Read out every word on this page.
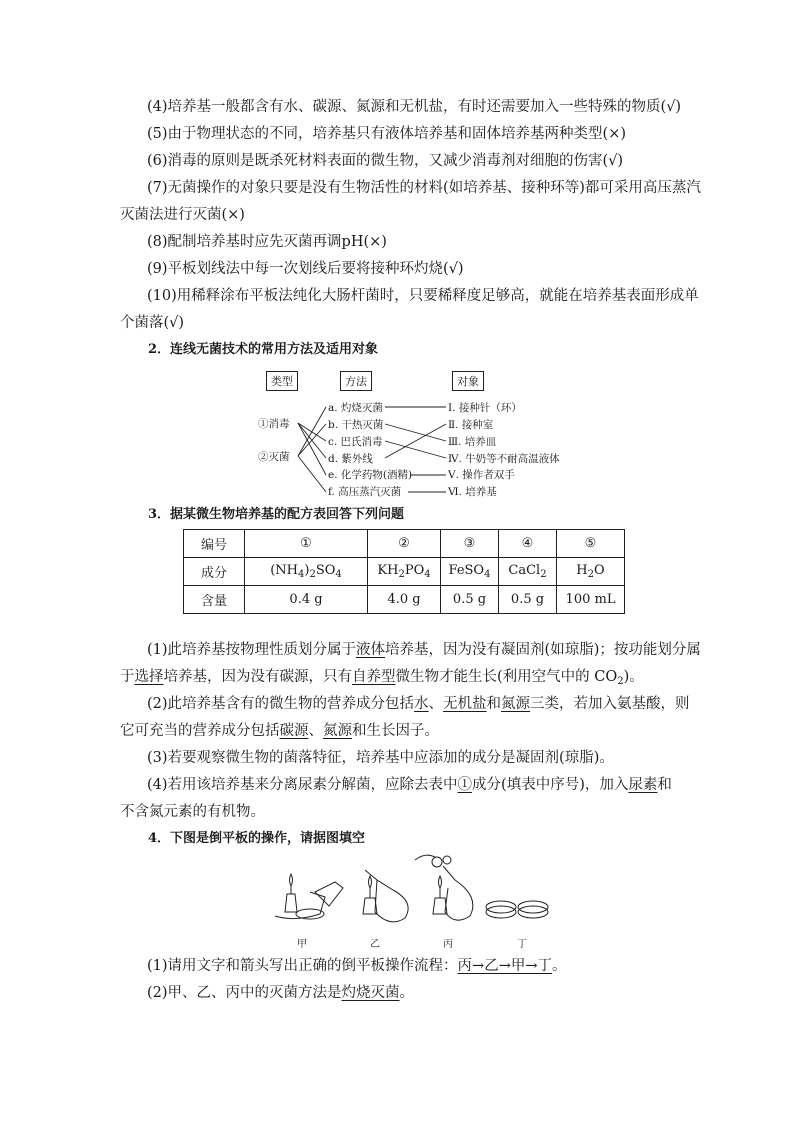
(4)培养基一般都含有水、碳源、氮源和无机盐，有时还需要加入一些特殊的物质(√)
(5)由于物理状态的不同，培养基只有液体培养基和固体培养基两种类型(×)
(6)消毒的原则是既杀死材料表面的微生物，又减少消毒剂对细胞的伤害(√)
(7)无菌操作的对象只要是没有生物活性的材料(如培养基、接种环等)都可采用高压蒸汽
灭菌法进行灭菌(×)
(8)配制培养基时应先灭菌再调pH(×)
(9)平板划线法中每一次划线后要将接种环灼烧(√)
(10)用稀释涂布平板法纯化大肠杆菌时，只要稀释度足够高，就能在培养基表面形成单
个菌落(√)
2．连线无菌技术的常用方法及适用对象
类型	方法	对象
①消毒
②灭菌
a. 灼烧灭菌
b. 干热灭菌
c. 巴氏消毒
d. 紫外线
e. 化学药物(酒精)
f. 高压蒸汽灭菌
Ⅰ. 接种针（环）
Ⅱ. 接种室
Ⅲ. 培养皿
Ⅳ. 牛奶等不耐高温液体
Ⅴ. 操作者双手
Ⅵ. 培养基
3．据某微生物培养基的配方表回答下列问题
编号	①	②	③	④	⑤
成分	$(NH_4)_2SO_4$	$KH_2PO_4$	FeSO$_4$	CaCl$_2$	$H_2O$
含量	0.4 g	4.0 g	0.5 g	0.5 g	100 mL
(1)此培养基按物理性质划分属于液体培养基，因为没有凝固剂(如琼脂)；按功能划分属
于选择培养基，因为没有碳源，只有自养型微生物才能生长(利用空气中的 $CO_2$)。
(2)此培养基含有的微生物的营养成分包括水、无机盐和氮源三类，若加入氨基酸，则
它可充当的营养成分包括碳源、氮源和生长因子。
(3)若要观察微生物的菌落特征，培养基中应添加的成分是凝固剂(琼脂)。
(4)若用该培养基来分离尿素分解菌，应除去表中①成分(填表中序号)，加入尿素和
不含氮元素的有机物。
4．下图是倒平板的操作，请据图填空
甲	乙	丙	丁
(1)请用文字和箭头写出正确的倒平板操作流程：丙→乙→甲→丁。
(2)甲、乙、丙中的灭菌方法是灼烧灭菌。
